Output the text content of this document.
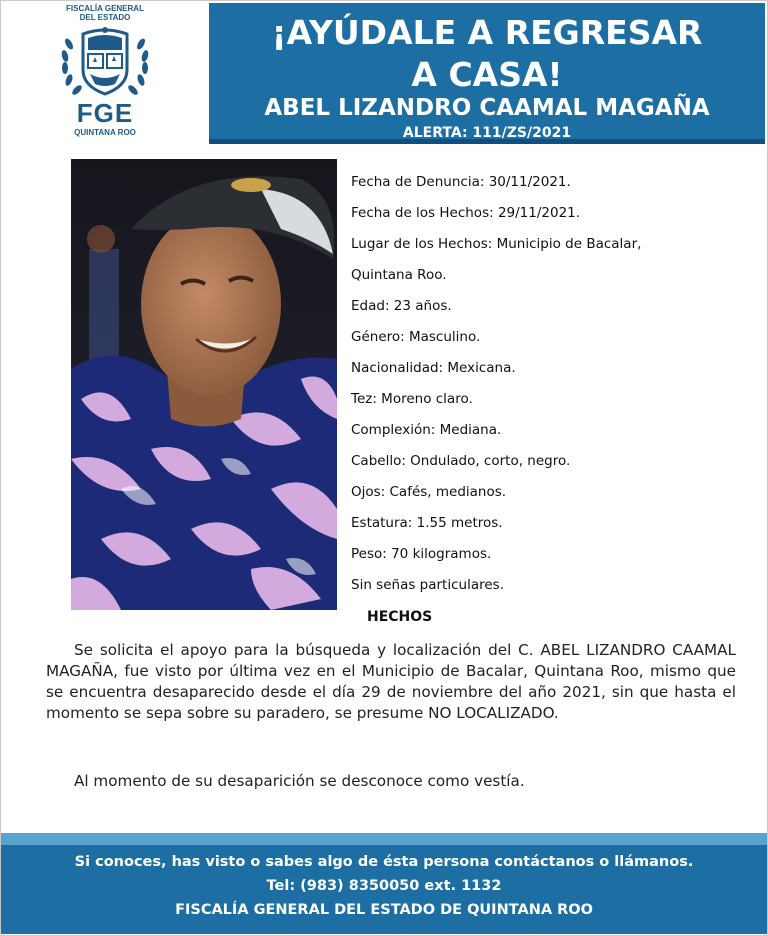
FISCALÍA GENERAL
DEL ESTADO
FGE
QUINTANA ROO
¡AYÚDALE A REGRESAR
A CASA!
ABEL LIZANDRO CAAMAL MAGAÑA
ALERTA: 111/ZS/2021
Fecha de Denuncia: 30/11/2021.
Fecha de los Hechos: 29/11/2021.
Lugar de los Hechos: Municipio de Bacalar,
Quintana Roo.
Edad: 23 años.
Género: Masculino.
Nacionalidad: Mexicana.
Tez: Moreno claro.
Complexión: Mediana.
Cabello: Ondulado, corto, negro.
Ojos: Cafés, medianos.
Estatura: 1.55 metros.
Peso: 70 kilogramos.
Sin señas particulares.
HECHOS
Se solicita el apoyo para la búsqueda y localización del C. ABEL LIZANDRO CAAMAL MAGAÑA, fue visto por última vez en el Municipio de Bacalar, Quintana Roo, mismo que se encuentra desaparecido desde el día 29 de noviembre del año 2021, sin que hasta el momento se sepa sobre su paradero, se presume NO LOCALIZADO.
Al momento de su desaparición se desconoce como vestía.
Si conoces, has visto o sabes algo de ésta persona contáctanos o llámanos.
Tel: (983) 8350050 ext. 1132
FISCALÍA GENERAL DEL ESTADO DE QUINTANA ROO
